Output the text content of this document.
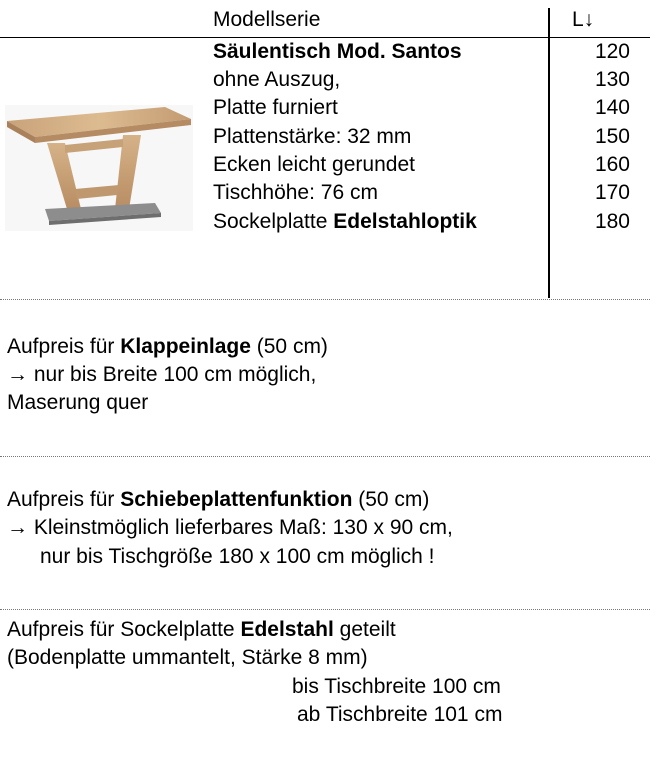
Modellserie	L↓
Säulentisch Mod. Santos
ohne Auszug,
Platte furniert
Plattenstärke: 32 mm
Ecken leicht gerundet
Tischhöhe: 76 cm
Sockelplatte Edelstahloptik
120
130
140
150
160
170
180
Aufpreis für Klappeinlage (50 cm)
→ nur bis Breite 100 cm möglich,
Maserung quer
Aufpreis für Schiebeplattenfunktion (50 cm)
→ Kleinstmöglich lieferbares Maß: 130 x 90 cm,
nur bis Tischgröße 180 x 100 cm möglich !
Aufpreis für Sockelplatte Edelstahl geteilt
(Bodenplatte ummantelt, Stärke 8 mm)
bis Tischbreite 100 cm
ab Tischbreite 101 cm
